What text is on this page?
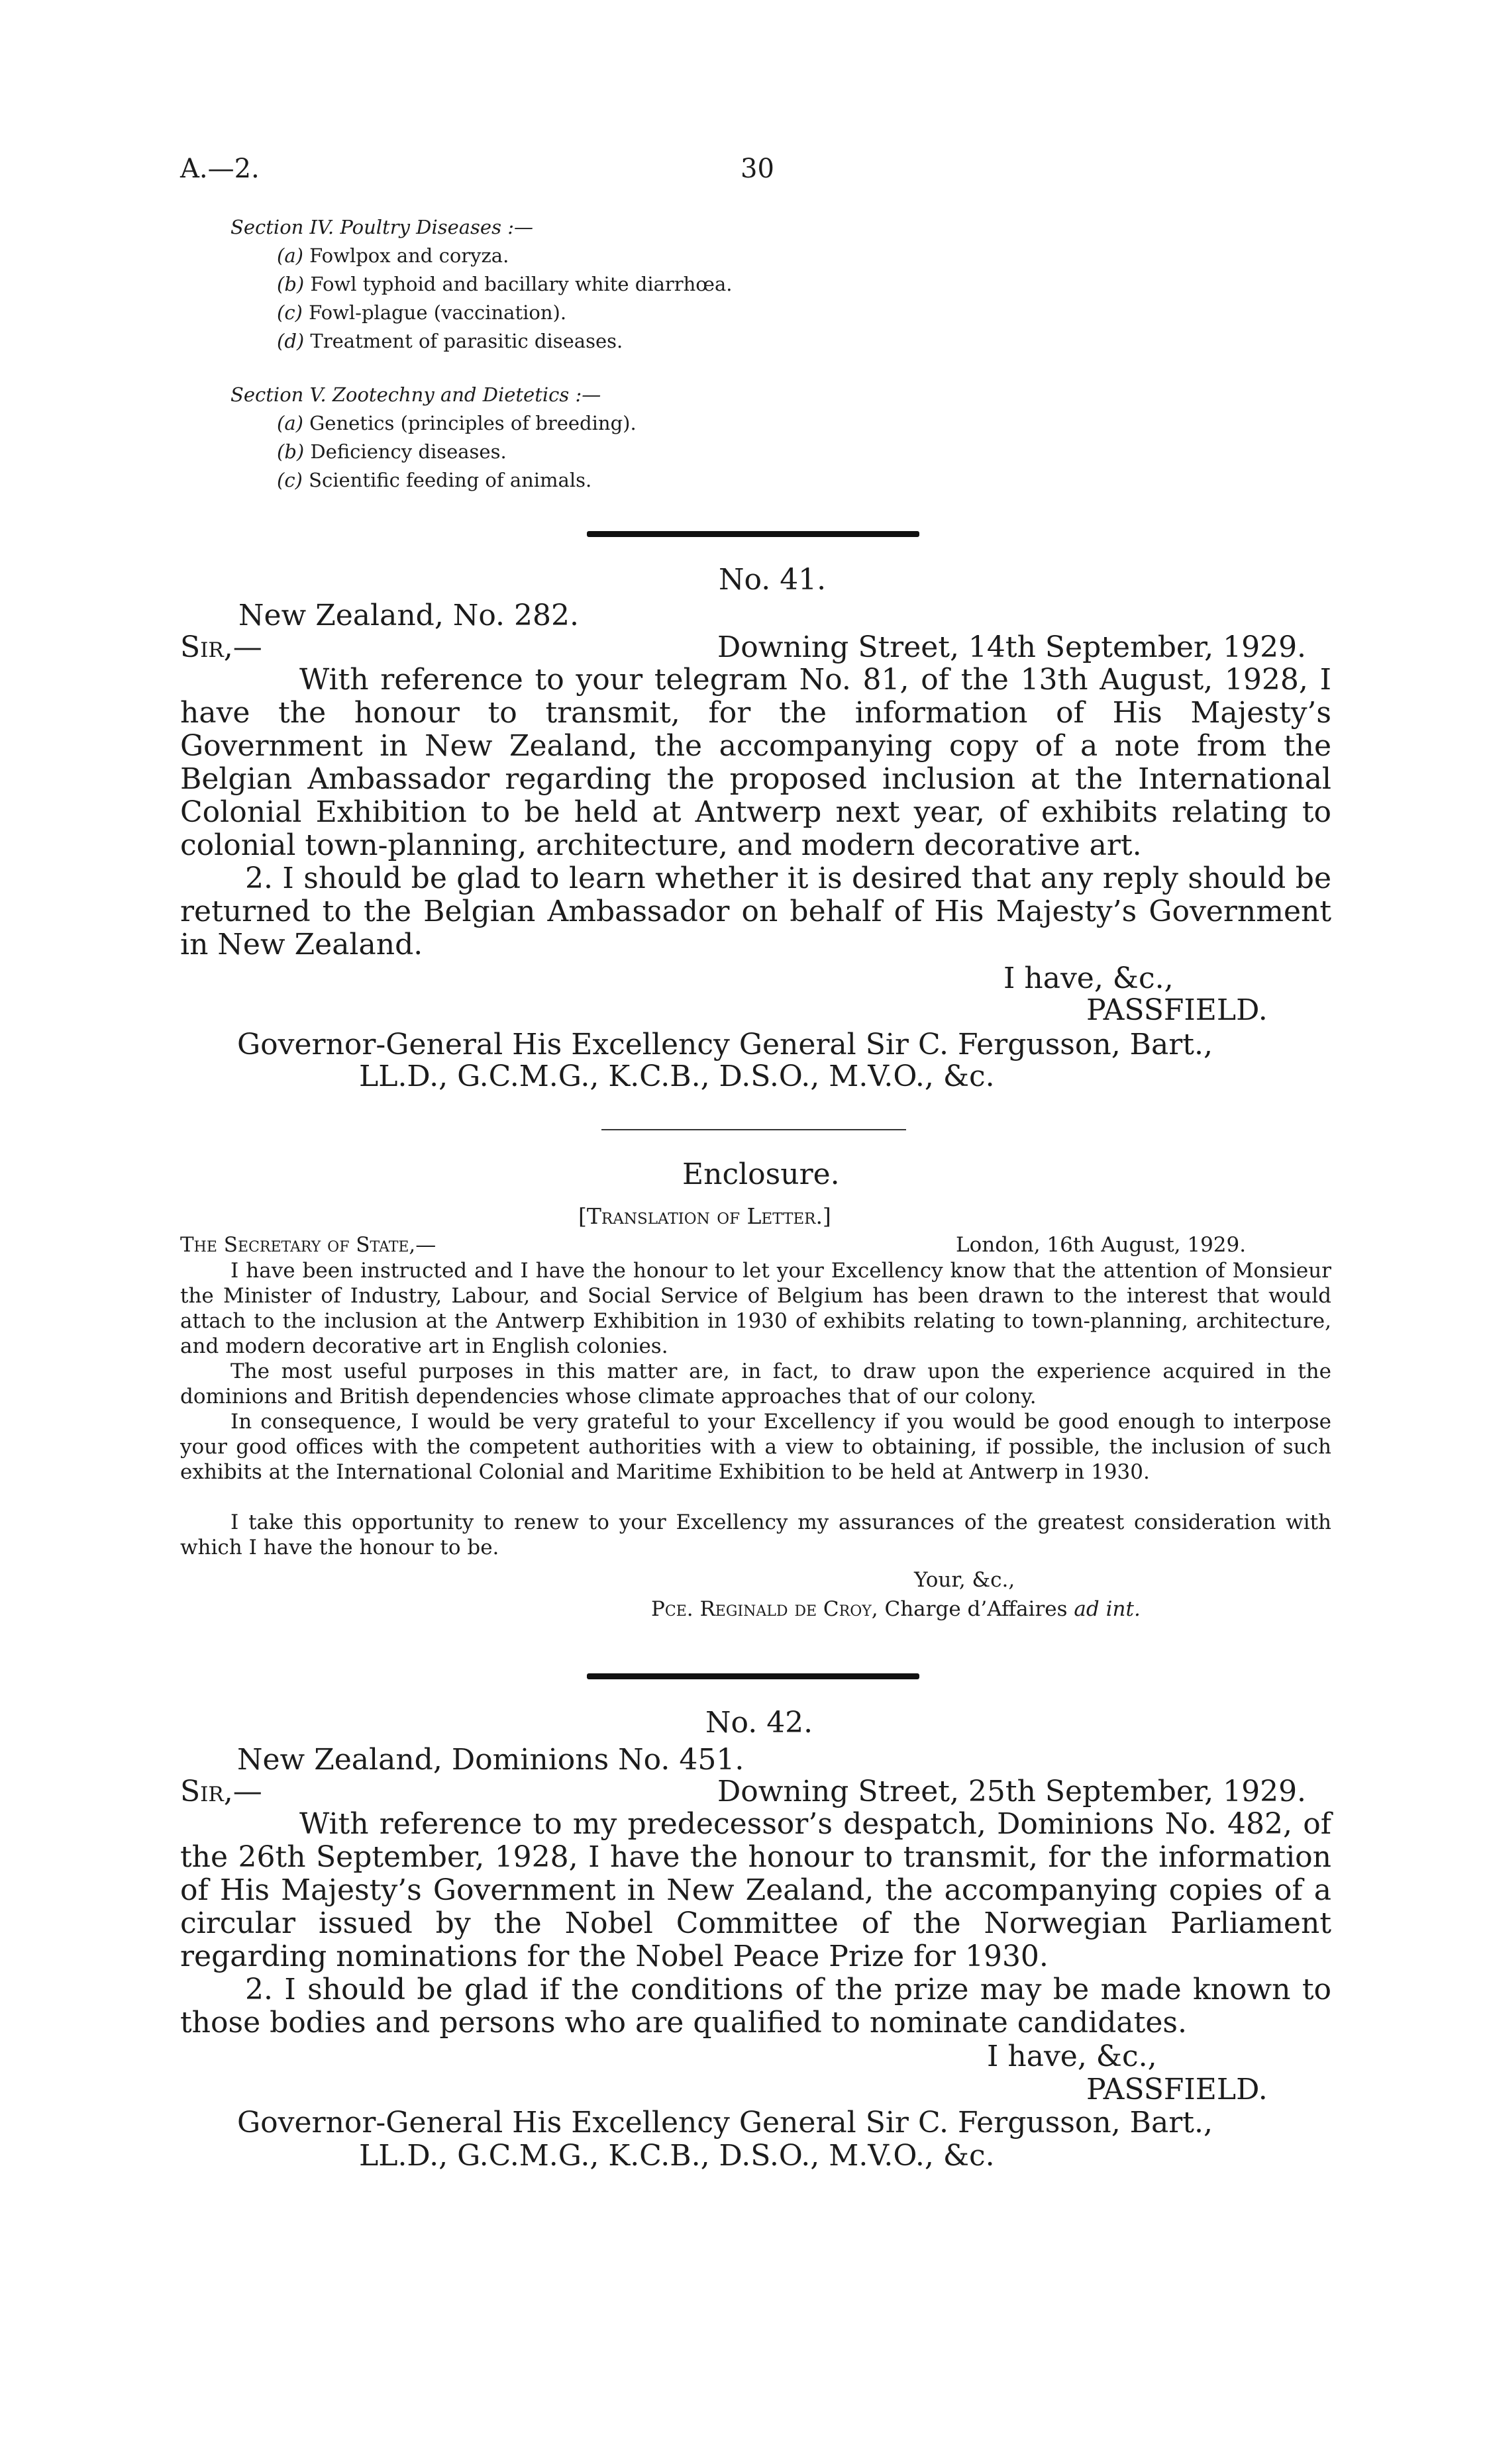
A.—2.	30
Section IV. Poultry Diseases :—
(a) Fowlpox and coryza.
(b) Fowl typhoid and bacillary white diarrhœa.
(c) Fowl-plague (vaccination).
(d) Treatment of parasitic diseases.
Section V. Zootechny and Dietetics :—
(a) Genetics (principles of breeding).
(b) Deficiency diseases.
(c) Scientific feeding of animals.
No. 41.
New Zealand, No. 282.
Sir,—	Downing Street, 14th September, 1929.
With reference to your telegram No. 81, of the 13th August, 1928, I have the honour to transmit, for the information of His Majesty’s Government in New Zealand, the accompanying copy of a note from the Belgian Ambassador regarding the proposed inclusion at the International Colonial Exhibition to be held at Antwerp next year, of exhibits relating to colonial town-planning, architecture, and modern decorative art.
2. I should be glad to learn whether it is desired that any reply should be returned to the Belgian Ambassador on behalf of His Majesty’s Government in New Zealand.
I have, &c.,
PASSFIELD.
Governor-General His Excellency General Sir C. Fergusson, Bart.,
LL.D., G.C.M.G., K.C.B., D.S.O., M.V.O., &c.
Enclosure.
[Translation of Letter.]
The Secretary of State,—	London, 16th August, 1929.
I have been instructed and I have the honour to let your Excellency know that the attention of Monsieur the Minister of Industry, Labour, and Social Service of Belgium has been drawn to the interest that would attach to the inclusion at the Antwerp Exhibition in 1930 of exhibits relating to town-planning, architecture, and modern decorative art in English colonies.
The most useful purposes in this matter are, in fact, to draw upon the experience acquired in the dominions and British dependencies whose climate approaches that of our colony.
In consequence, I would be very grateful to your Excellency if you would be good enough to interpose your good offices with the competent authorities with a view to obtaining, if possible, the inclusion of such exhibits at the International Colonial and Maritime Exhibition to be held at Antwerp in 1930.
I take this opportunity to renew to your Excellency my assurances of the greatest consideration with which I have the honour to be.
Your, &c.,
Pce. Reginald de Croy, Charge d’Affaires ad int.
No. 42.
New Zealand, Dominions No. 451.
Sir,—	Downing Street, 25th September, 1929.
With reference to my predecessor’s despatch, Dominions No. 482, of the 26th September, 1928, I have the honour to transmit, for the information of His Majesty’s Government in New Zealand, the accompanying copies of a circular issued by the Nobel Committee of the Norwegian Parliament regarding nominations for the Nobel Peace Prize for 1930.
2. I should be glad if the conditions of the prize may be made known to those bodies and persons who are qualified to nominate candidates.
I have, &c.,
PASSFIELD.
Governor-General His Excellency General Sir C. Fergusson, Bart.,
LL.D., G.C.M.G., K.C.B., D.S.O., M.V.O., &c.
